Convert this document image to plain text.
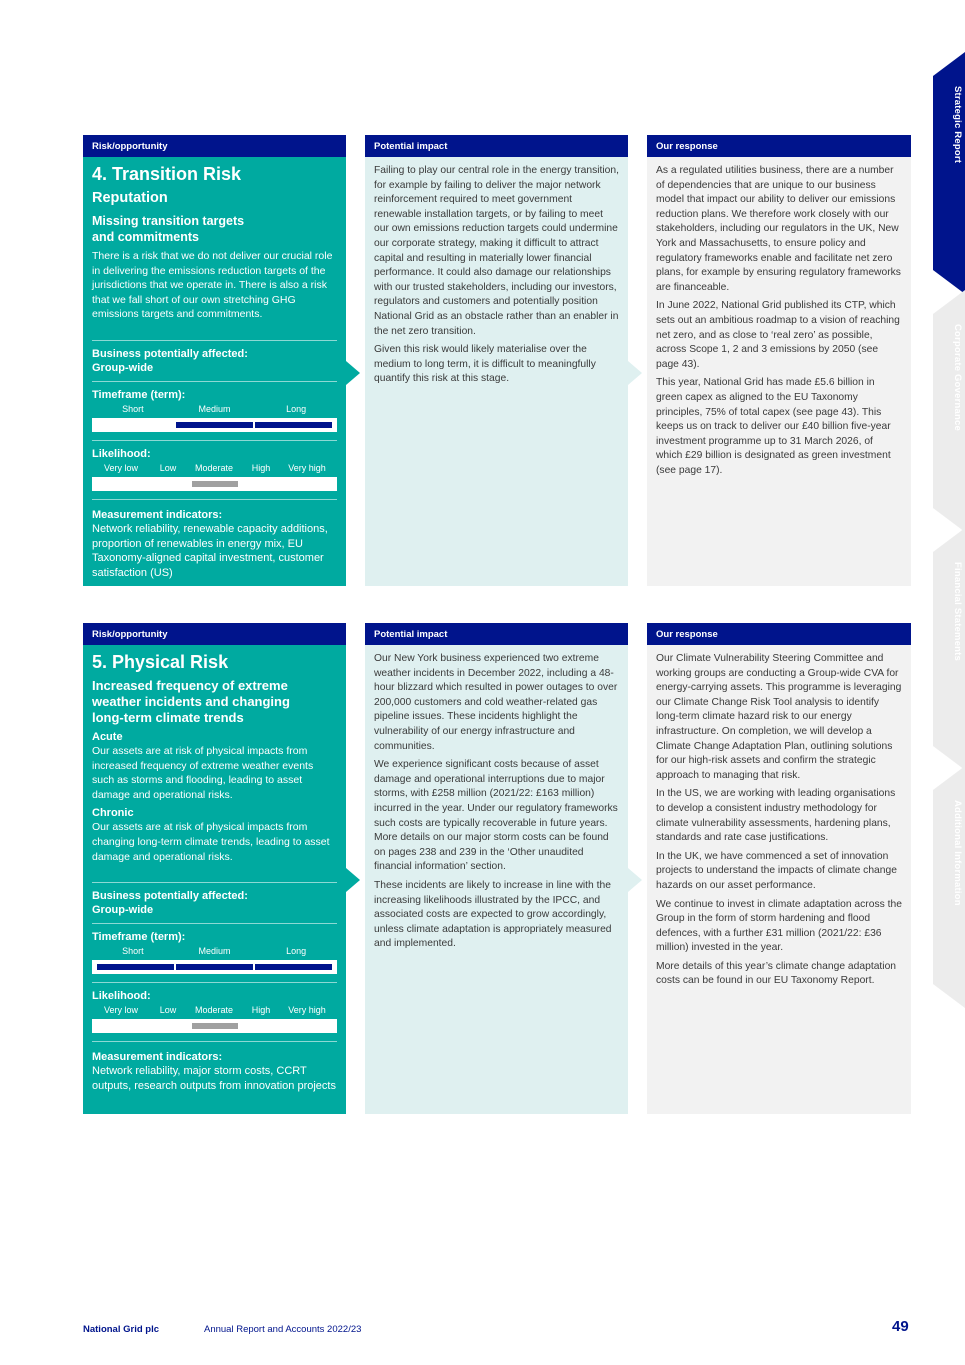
Strategic Report
Corporate Governance
Financial Statements
Additional Information
Risk/opportunity
4. Transition Risk
Reputation
Missing transition targets
and commitments
There is a risk that we do not deliver our crucial role in delivering the emissions reduction targets of the jurisdictions that we operate in. There is also a risk that we fall short of our own stretching GHG emissions targets and commitments.
Business potentially affected:
Group-wide
Timeframe (term):
Short	Medium	Long
Likelihood:
Very low	Low	Moderate	High	Very high
Measurement indicators:
Network reliability, renewable capacity additions, proportion of renewables in energy mix, EU Taxonomy-aligned capital investment, customer satisfaction (US)
Potential impact

Failing to play our central role in the energy transition, for example by failing to deliver the major network reinforcement required to meet government renewable installation targets, or by failing to meet our own emissions reduction targets could undermine our corporate strategy, making it difficult to attract capital and resulting in materially lower financial performance. It could also damage our relationships with our trusted stakeholders, including our investors, regulators and customers and potentially position National Grid as an obstacle rather than an enabler in the net zero transition.

Given this risk would likely materialise over the medium to long term, it is difficult to meaningfully quantify this risk at this stage.

Our response

As a regulated utilities business, there are a number of dependencies that are unique to our business model that impact our ability to deliver our emissions reduction plans. We therefore work closely with our stakeholders, including our regulators in the UK, New York and Massachusetts, to ensure policy and regulatory frameworks enable and facilitate net zero plans, for example by ensuring regulatory frameworks are financeable.

In June 2022, National Grid published its CTP, which sets out an ambitious roadmap to a vision of reaching net zero, and as close to ‘real zero’ as possible, across Scope 1, 2 and 3 emissions by 2050 (see page 43).

This year, National Grid has made £5.6 billion in green capex as aligned to the EU Taxonomy principles, 75% of total capex (see page 43). This keeps us on track to deliver our £40 billion five-year investment programme up to 31 March 2026, of which £29 billion is designated as green investment (see page 17).

Risk/opportunity
5. Physical Risk
Increased frequency of extreme
weather incidents and changing
long-term climate trends
Acute
Our assets are at risk of physical impacts from increased frequency of extreme weather events such as storms and flooding, leading to asset damage and operational risks.
Chronic
Our assets are at risk of physical impacts from changing long-term climate trends, leading to asset damage and operational risks.
Business potentially affected:
Group-wide
Timeframe (term):
Short	Medium	Long
Likelihood:
Very low	Low	Moderate	High	Very high
Measurement indicators:
Network reliability, major storm costs, CCRT outputs, research outputs from innovation projects
Potential impact

Our New York business experienced two extreme weather incidents in December 2022, including a 48-hour blizzard which resulted in power outages to over 200,000 customers and cold weather-related gas pipeline issues. These incidents highlight the vulnerability of our energy infrastructure and communities.

We experience significant costs because of asset damage and operational interruptions due to major storms, with £258 million (2021/22: £163 million) incurred in the year. Under our regulatory frameworks such costs are typically recoverable in future years. More details on our major storm costs can be found on pages 238 and 239 in the ‘Other unaudited financial information’ section.

These incidents are likely to increase in line with the increasing likelihoods illustrated by the IPCC, and associated costs are expected to grow accordingly, unless climate adaptation is appropriately measured and implemented.

Our response

Our Climate Vulnerability Steering Committee and working groups are conducting a Group-wide CVA for energy-carrying assets. This programme is leveraging our Climate Change Risk Tool analysis to identify long-term climate hazard risk to our energy infrastructure. On completion, we will develop a Climate Change Adaptation Plan, outlining solutions for our high-risk assets and confirm the strategic approach to managing that risk.

In the US, we are working with leading organisations to develop a consistent industry methodology for climate vulnerability assessments, hardening plans, standards and rate case justifications.

In the UK, we have commenced a set of innovation projects to understand the impacts of climate change hazards on our asset performance.

We continue to invest in climate adaptation across the Group in the form of storm hardening and flood defences, with a further £31 million (2021/22: £36 million) invested in the year.

More details of this year’s climate change adaptation costs can be found in our EU Taxonomy Report.

National Grid plc	Annual Report and Accounts 2022/23	49
